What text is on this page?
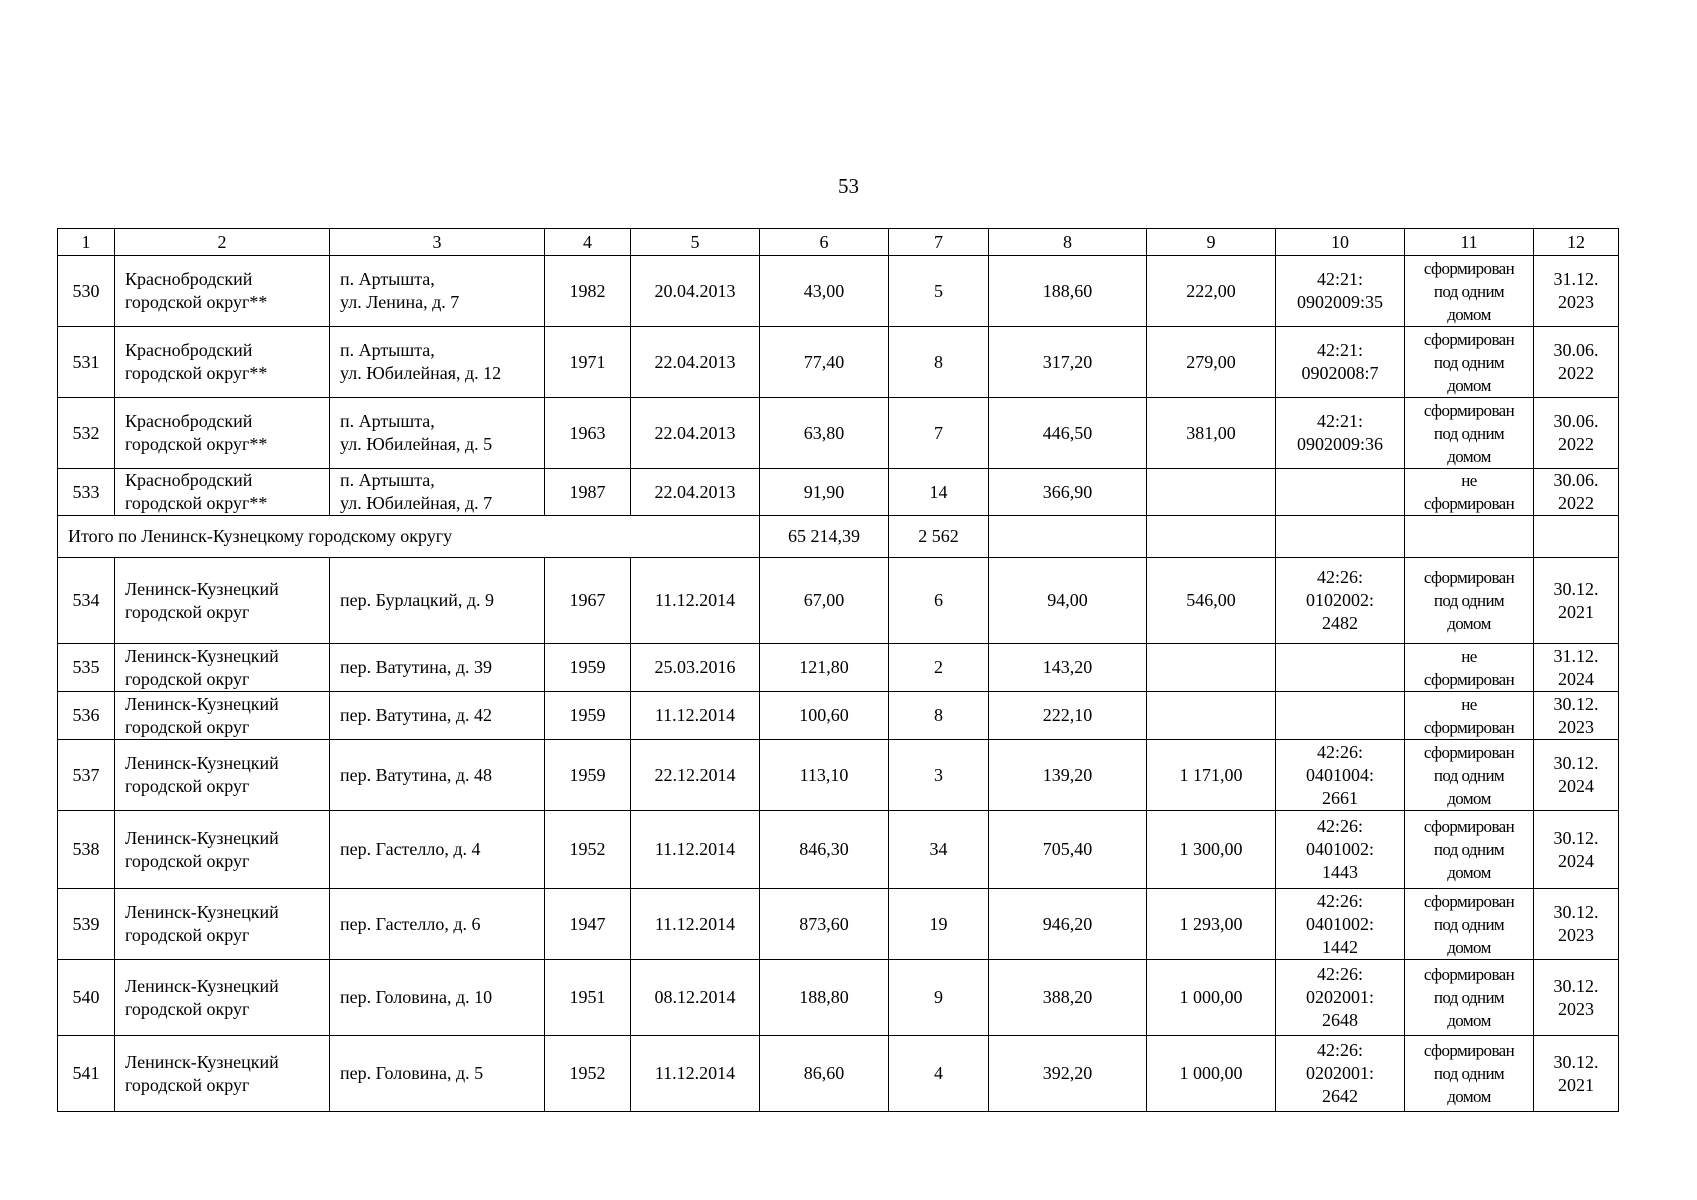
53
1	2	3	4	5	6	7	8	9	10	11	12

530	Краснобродский
городской округ**	п. Артышта,
ул. Ленина, д. 7	1982	20.04.2013	43,00	5	188,60	222,00	42:21:
0902009:35	сформирован
под одним
домом	31.12.
2023

531	Краснобродский
городской округ**	п. Артышта,
ул. Юбилейная, д. 12	1971	22.04.2013	77,40	8	317,20	279,00	42:21:
0902008:7	сформирован
под одним
домом	30.06.
2022

532	Краснобродский
городской округ**	п. Артышта,
ул. Юбилейная, д. 5	1963	22.04.2013	63,80	7	446,50	381,00	42:21:
0902009:36	сформирован
под одним
домом	30.06.
2022

533	Краснобродский
городской округ**	п. Артышта,
ул. Юбилейная, д. 7	1987	22.04.2013	91,90	14	366,90			не
сформирован	30.06.
2022

Итого по Ленинск-Кузнецкому городскому округу					65 214,39	2 562					

534	Ленинск-Кузнецкий
городской округ	пер. Бурлацкий, д. 9	1967	11.12.2014	67,00	6	94,00	546,00	42:26:
0102002:
2482	сформирован
под одним
домом	30.12.
2021

535	Ленинск-Кузнецкий
городской округ	пер. Ватутина, д. 39	1959	25.03.2016	121,80	2	143,20			не
сформирован	31.12.
2024

536	Ленинск-Кузнецкий
городской округ	пер. Ватутина, д. 42	1959	11.12.2014	100,60	8	222,10			не
сформирован	30.12.
2023

537	Ленинск-Кузнецкий
городской округ	пер. Ватутина, д. 48	1959	22.12.2014	113,10	3	139,20	1 171,00	42:26:
0401004:
2661	сформирован
под одним
домом	30.12.
2024

538	Ленинск-Кузнецкий
городской округ	пер. Гастелло, д. 4	1952	11.12.2014	846,30	34	705,40	1 300,00	42:26:
0401002:
1443	сформирован
под одним
домом	30.12.
2024

539	Ленинск-Кузнецкий
городской округ	пер. Гастелло, д. 6	1947	11.12.2014	873,60	19	946,20	1 293,00	42:26:
0401002:
1442	сформирован
под одним
домом	30.12.
2023

540	Ленинск-Кузнецкий
городской округ	пер. Головина, д. 10	1951	08.12.2014	188,80	9	388,20	1 000,00	42:26:
0202001:
2648	сформирован
под одним
домом	30.12.
2023

541	Ленинск-Кузнецкий
городской округ	пер. Головина, д. 5	1952	11.12.2014	86,60	4	392,20	1 000,00	42:26:
0202001:
2642	сформирован
под одним
домом	30.12.
2021
